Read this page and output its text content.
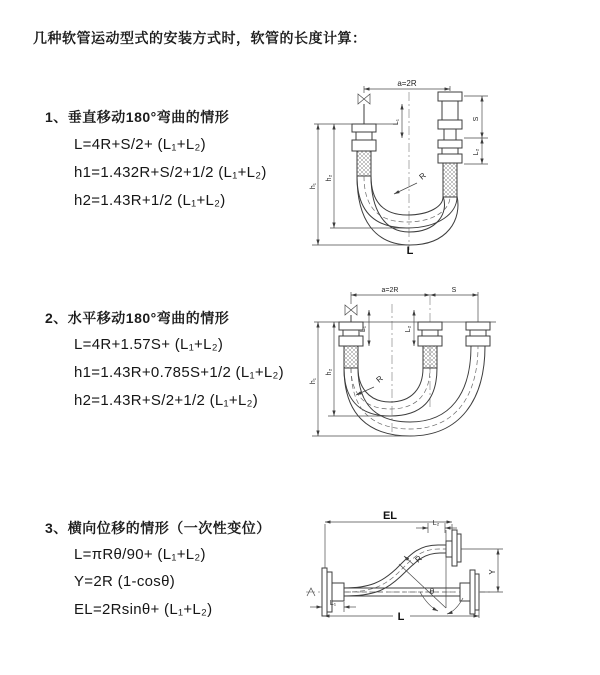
几种软管运动型式的安装方式时，软管的长度计算：
1、垂直移动180°弯曲的情形
L=4R+S/2+ (L₁+L₂)
h1=1.432R+S/2+1/2 (L₁+L₂)
h2=1.43R+1/2 (L₁+L₂)
2、水平移动180°弯曲的情形
L=4R+1.57S+ (L₁+L₂)
h1=1.43R+0.785S+1/2 (L₁+L₂)
h2=1.43R+S/2+1/2 (L₁+L₂)
3、横向位移的情形（一次性变位）
L=πRθ/90+ (L₁+L₂)
Y=2R (1-cosθ)
EL=2Rsinθ+ (L₁+L₂)
a=2R
S
L₂
L₁
h₁
h₂	R
L
a=2R	S
L₁	L₂
h₁
h₂
R
EL
L₂
Y
θ
R
L
L₁
